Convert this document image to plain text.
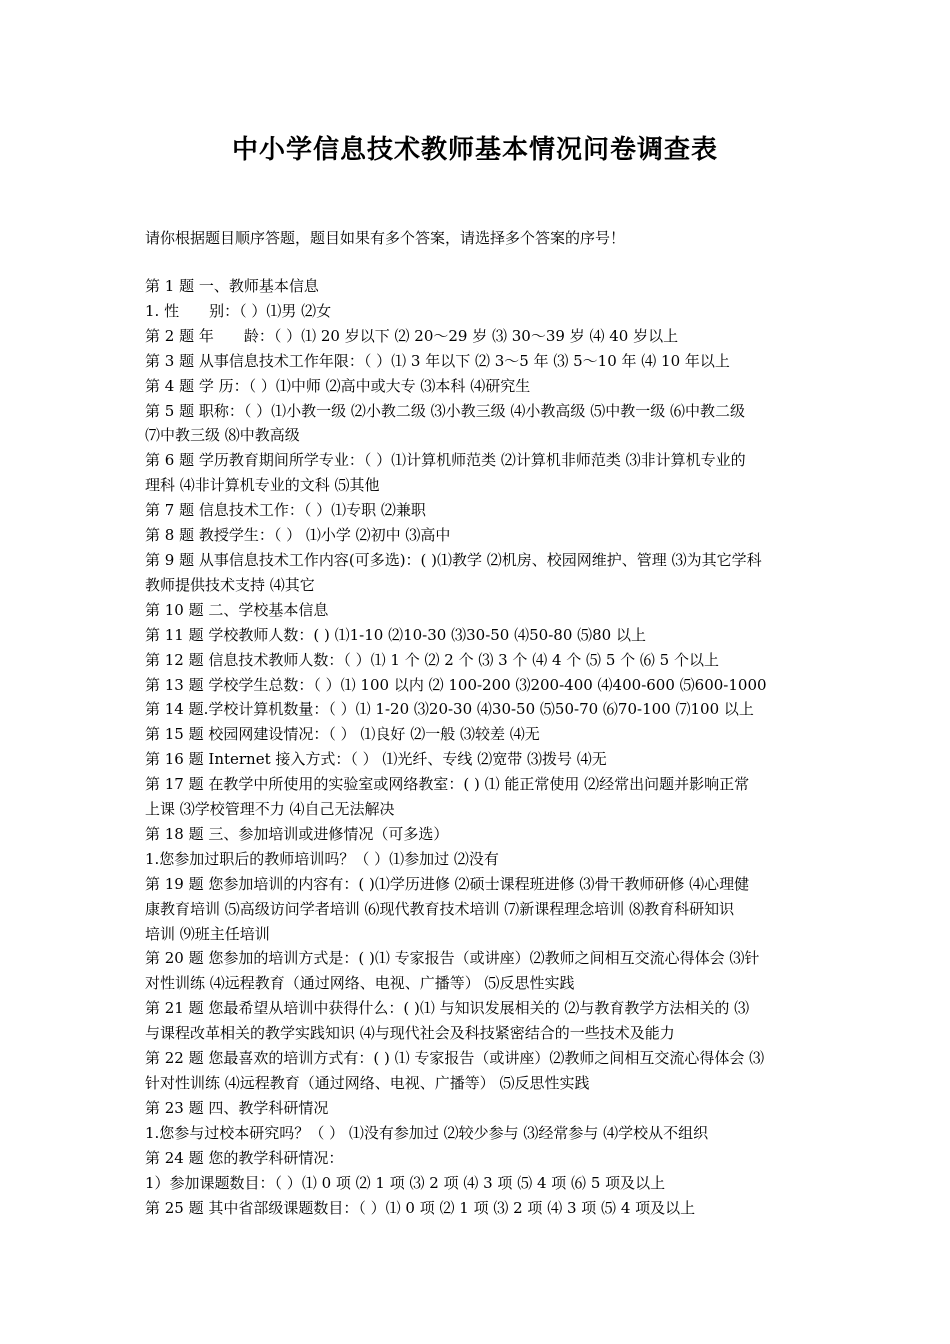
中小学信息技术教师基本情况问卷调查表
请你根据题目顺序答题，题目如果有多个答案，请选择多个答案的序号！
第 1 题 一、教师基本信息
1. 性　　别：（ ）⑴男 ⑵女
第 2 题 年　　龄：（ ）⑴ 20 岁以下 ⑵ 20～29 岁 ⑶ 30～39 岁 ⑷ 40 岁以上
第 3 题 从事信息技术工作年限：（ ）⑴ 3 年以下 ⑵ 3～5 年 ⑶ 5～10 年 ⑷ 10 年以上
第 4 题 学 历：（ ）⑴中师 ⑵高中或大专 ⑶本科 ⑷研究生
第 5 题 职称：（ ）⑴小教一级 ⑵小教二级 ⑶小教三级 ⑷小教高级 ⑸中教一级 ⑹中教二级
⑺中教三级 ⑻中教高级
第 6 题 学历教育期间所学专业：（ ）⑴计算机师范类 ⑵计算机非师范类 ⑶非计算机专业的
理科 ⑷非计算机专业的文科 ⑸其他
第 7 题 信息技术工作：（ ）⑴专职 ⑵兼职
第 8 题 教授学生：（ ） ⑴小学 ⑵初中 ⑶高中
第 9 题 从事信息技术工作内容(可多选)：( )⑴教学 ⑵机房、校园网维护、管理 ⑶为其它学科
教师提供技术支持 ⑷其它
第 10 题 二、学校基本信息
第 11 题 学校教师人数：( ) ⑴1-10 ⑵10-30 ⑶30-50 ⑷50-80 ⑸80 以上
第 12 题 信息技术教师人数：（ ）⑴ 1 个 ⑵ 2 个 ⑶ 3 个 ⑷ 4 个 ⑸ 5 个 ⑹ 5 个以上
第 13 题 学校学生总数：（ ）⑴ 100 以内 ⑵ 100-200 ⑶200-400 ⑷400-600 ⑸600-1000
第 14 题.学校计算机数量：（ ）⑴ 1-20 ⑶20-30 ⑷30-50 ⑸50-70 ⑹70-100 ⑺100 以上
第 15 题 校园网建设情况：（ ） ⑴良好 ⑵一般 ⑶较差 ⑷无
第 16 题 Internet 接入方式：（ ） ⑴光纤、专线 ⑵宽带 ⑶拨号 ⑷无
第 17 题 在教学中所使用的实验室或网络教室：( ) ⑴ 能正常使用 ⑵经常出问题并影响正常
上课 ⑶学校管理不力 ⑷自己无法解决
第 18 题 三、参加培训或进修情况（可多选）
1.您参加过职后的教师培训吗？（ ）⑴参加过 ⑵没有
第 19 题 您参加培训的内容有：( )⑴学历进修 ⑵硕士课程班进修 ⑶骨干教师研修 ⑷心理健
康教育培训 ⑸高级访问学者培训 ⑹现代教育技术培训 ⑺新课程理念培训 ⑻教育科研知识
培训 ⑼班主任培训
第 20 题 您参加的培训方式是：( )⑴ 专家报告（或讲座）⑵教师之间相互交流心得体会 ⑶针
对性训练 ⑷远程教育（通过网络、电视、广播等） ⑸反思性实践
第 21 题 您最希望从培训中获得什么：( )⑴ 与知识发展相关的 ⑵与教育教学方法相关的 ⑶
与课程改革相关的教学实践知识 ⑷与现代社会及科技紧密结合的一些技术及能力
第 22 题 您最喜欢的培训方式有：( ) ⑴ 专家报告（或讲座）⑵教师之间相互交流心得体会 ⑶
针对性训练 ⑷远程教育（通过网络、电视、广播等） ⑸反思性实践
第 23 题 四、教学科研情况
1.您参与过校本研究吗？（ ） ⑴没有参加过 ⑵较少参与 ⑶经常参与 ⑷学校从不组织
第 24 题 您的教学科研情况：
1）参加课题数目：（ ）⑴ 0 项 ⑵ 1 项 ⑶ 2 项 ⑷ 3 项 ⑸ 4 项 ⑹ 5 项及以上
第 25 题 其中省部级课题数目：（ ）⑴ 0 项 ⑵ 1 项 ⑶ 2 项 ⑷ 3 项 ⑸ 4 项及以上
